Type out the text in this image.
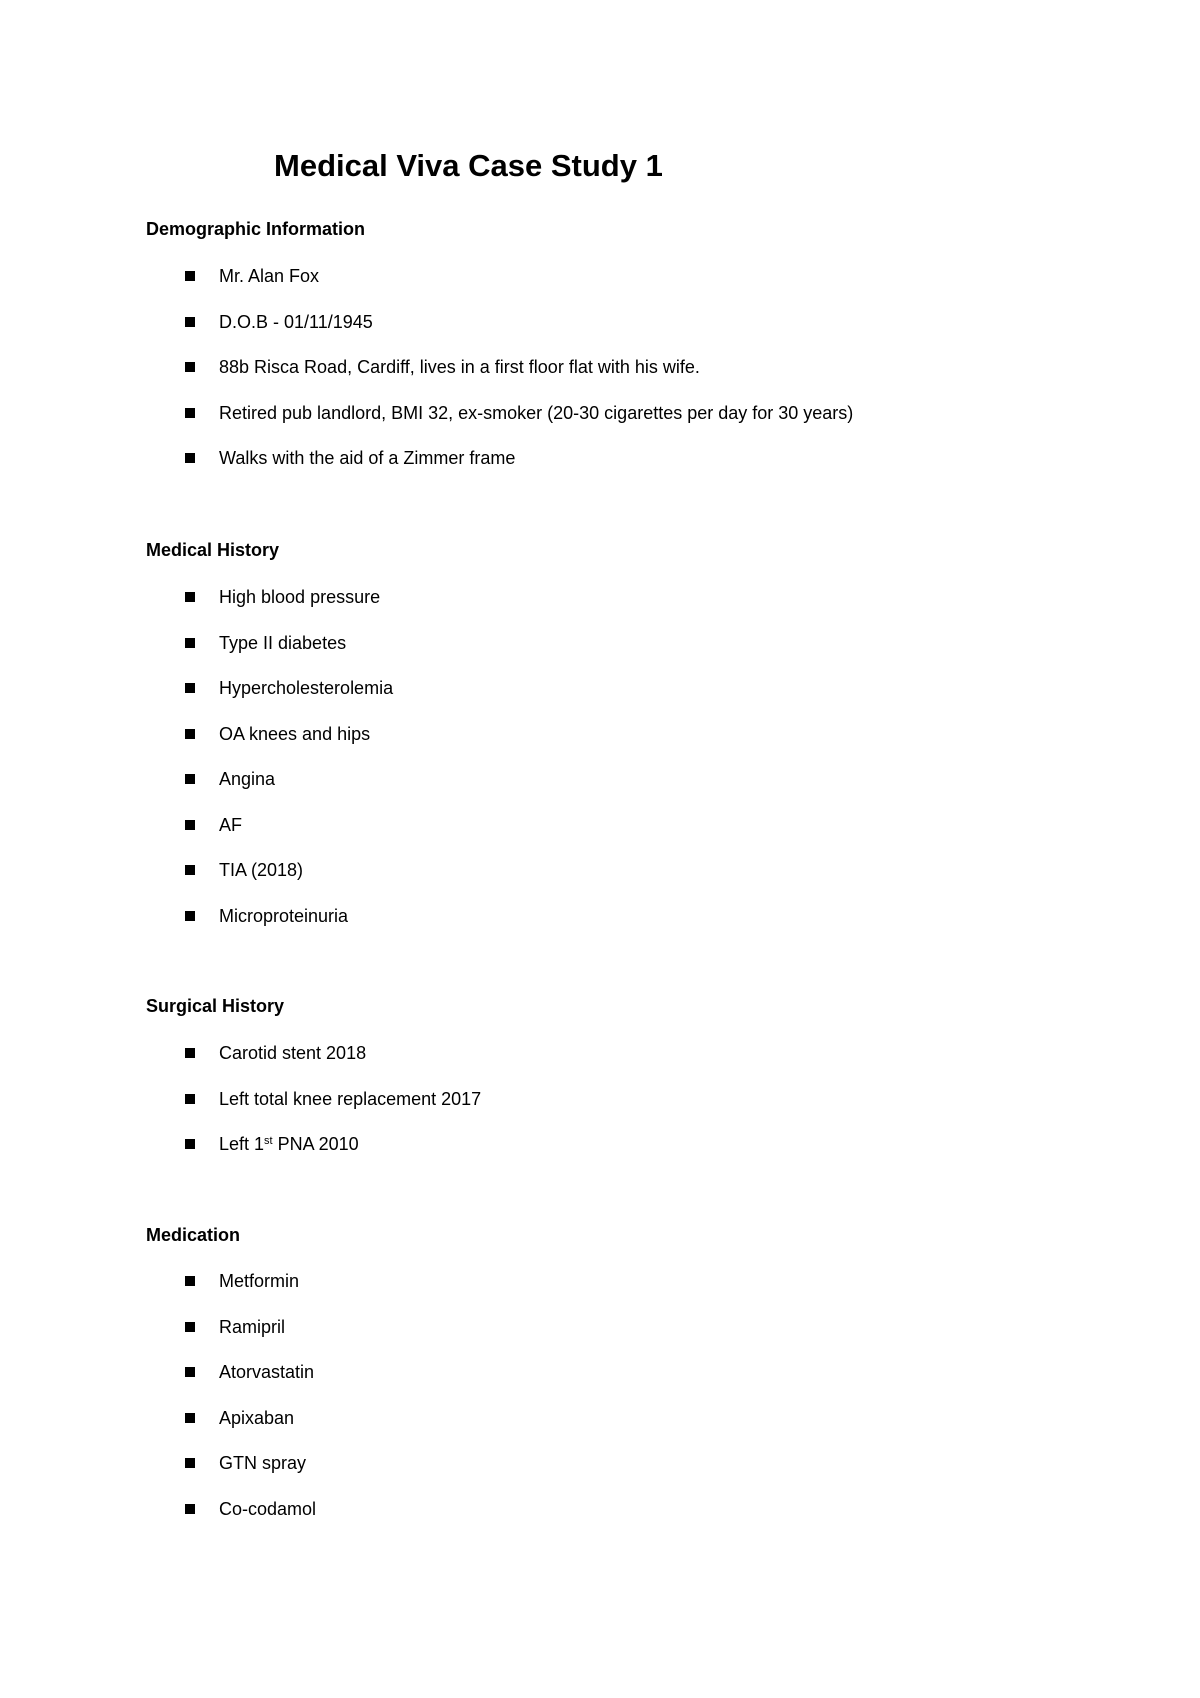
Medical Viva Case Study 1
Demographic Information
Mr. Alan Fox
D.O.B - 01/11/1945
88b Risca Road, Cardiff, lives in a first floor flat with his wife.
Retired pub landlord, BMI 32, ex-smoker (20-30 cigarettes per day for 30 years)
Walks with the aid of a Zimmer frame
Medical History
High blood pressure
Type II diabetes
Hypercholesterolemia
OA knees and hips
Angina
AF
TIA (2018)
Microproteinuria
Surgical History
Carotid stent 2018
Left total knee replacement 2017
Left 1st PNA 2010
Medication
Metformin
Ramipril
Atorvastatin
Apixaban
GTN spray
Co-codamol
